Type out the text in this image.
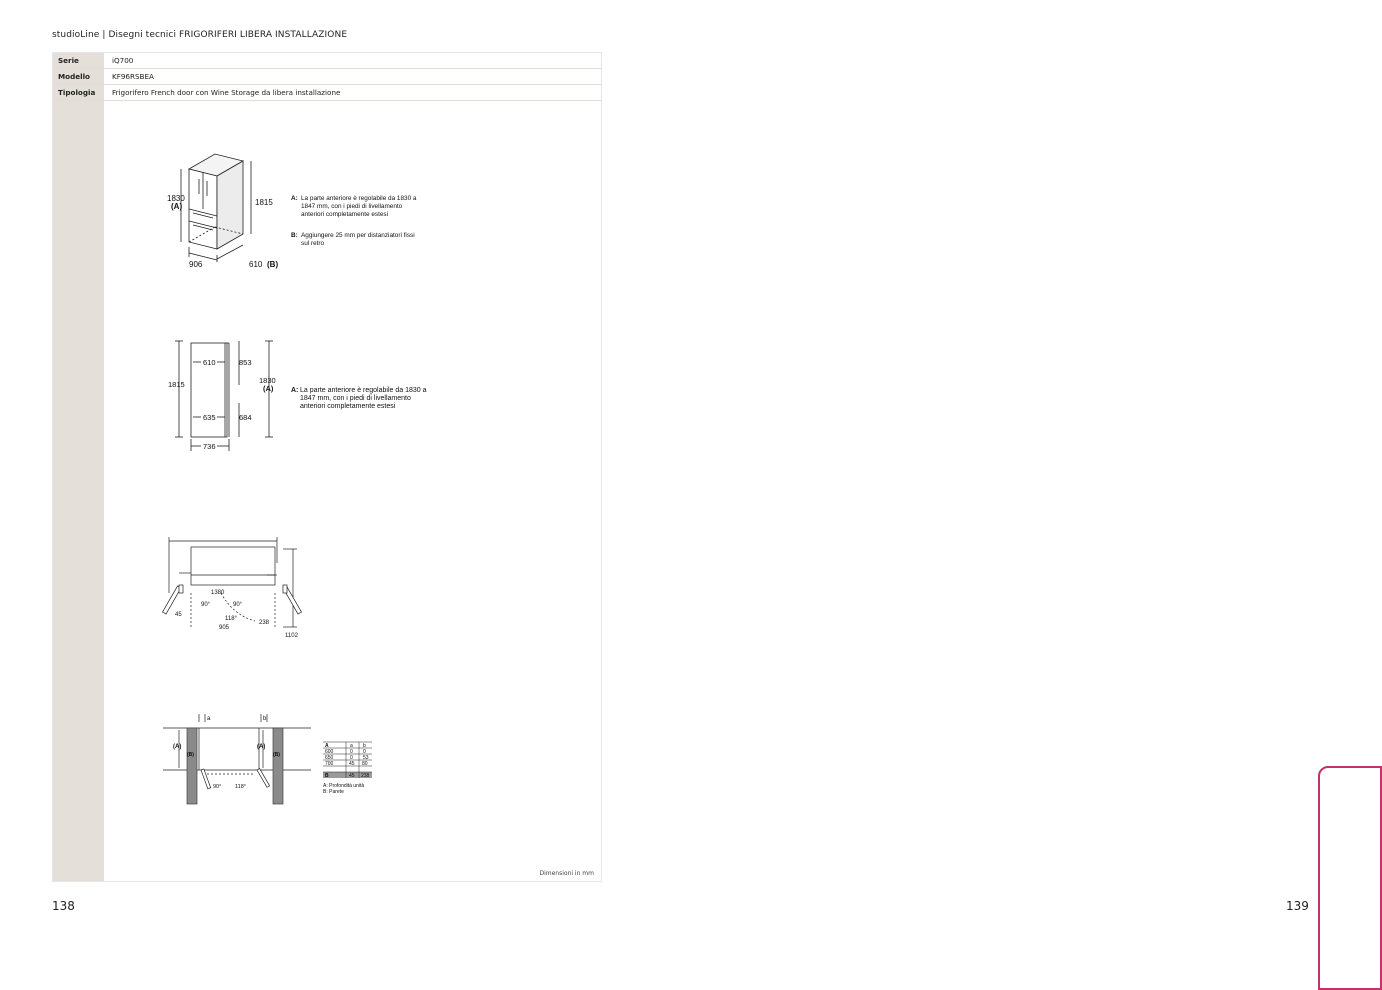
studioLine | Disegni tecnici FRIGORIFERI LIBERA INSTALLAZIONE
Serie	iQ700
Modello	KF96RSBEA
Tipologia Frigorifero French door con Wine Storage da libera installazione
1830
(A)	1815
906	610 (B)
A: La parte anteriore è regolabile da 1830 a
1847 mm, con i piedi di livellamento
anteriori completamente estesi
B: Aggiungere 25 mm per distanziatori fissi
sul retro
1815
610	853
1830
(A)
635	684
736
A: La parte anteriore è regolabile da 1830 a
1847 mm, con i piedi di livellamento
anteriori completamente estesi
1380
45
905
238
1102
90°	90°
118°
a	b
(A)
(B)
(A)
(B)
90° 118°
A	a b
600	0 0
650	0 53
700	45 80
B	45 238
A: Profondità unità
B: Parete
Dimensioni in mm
138	139
